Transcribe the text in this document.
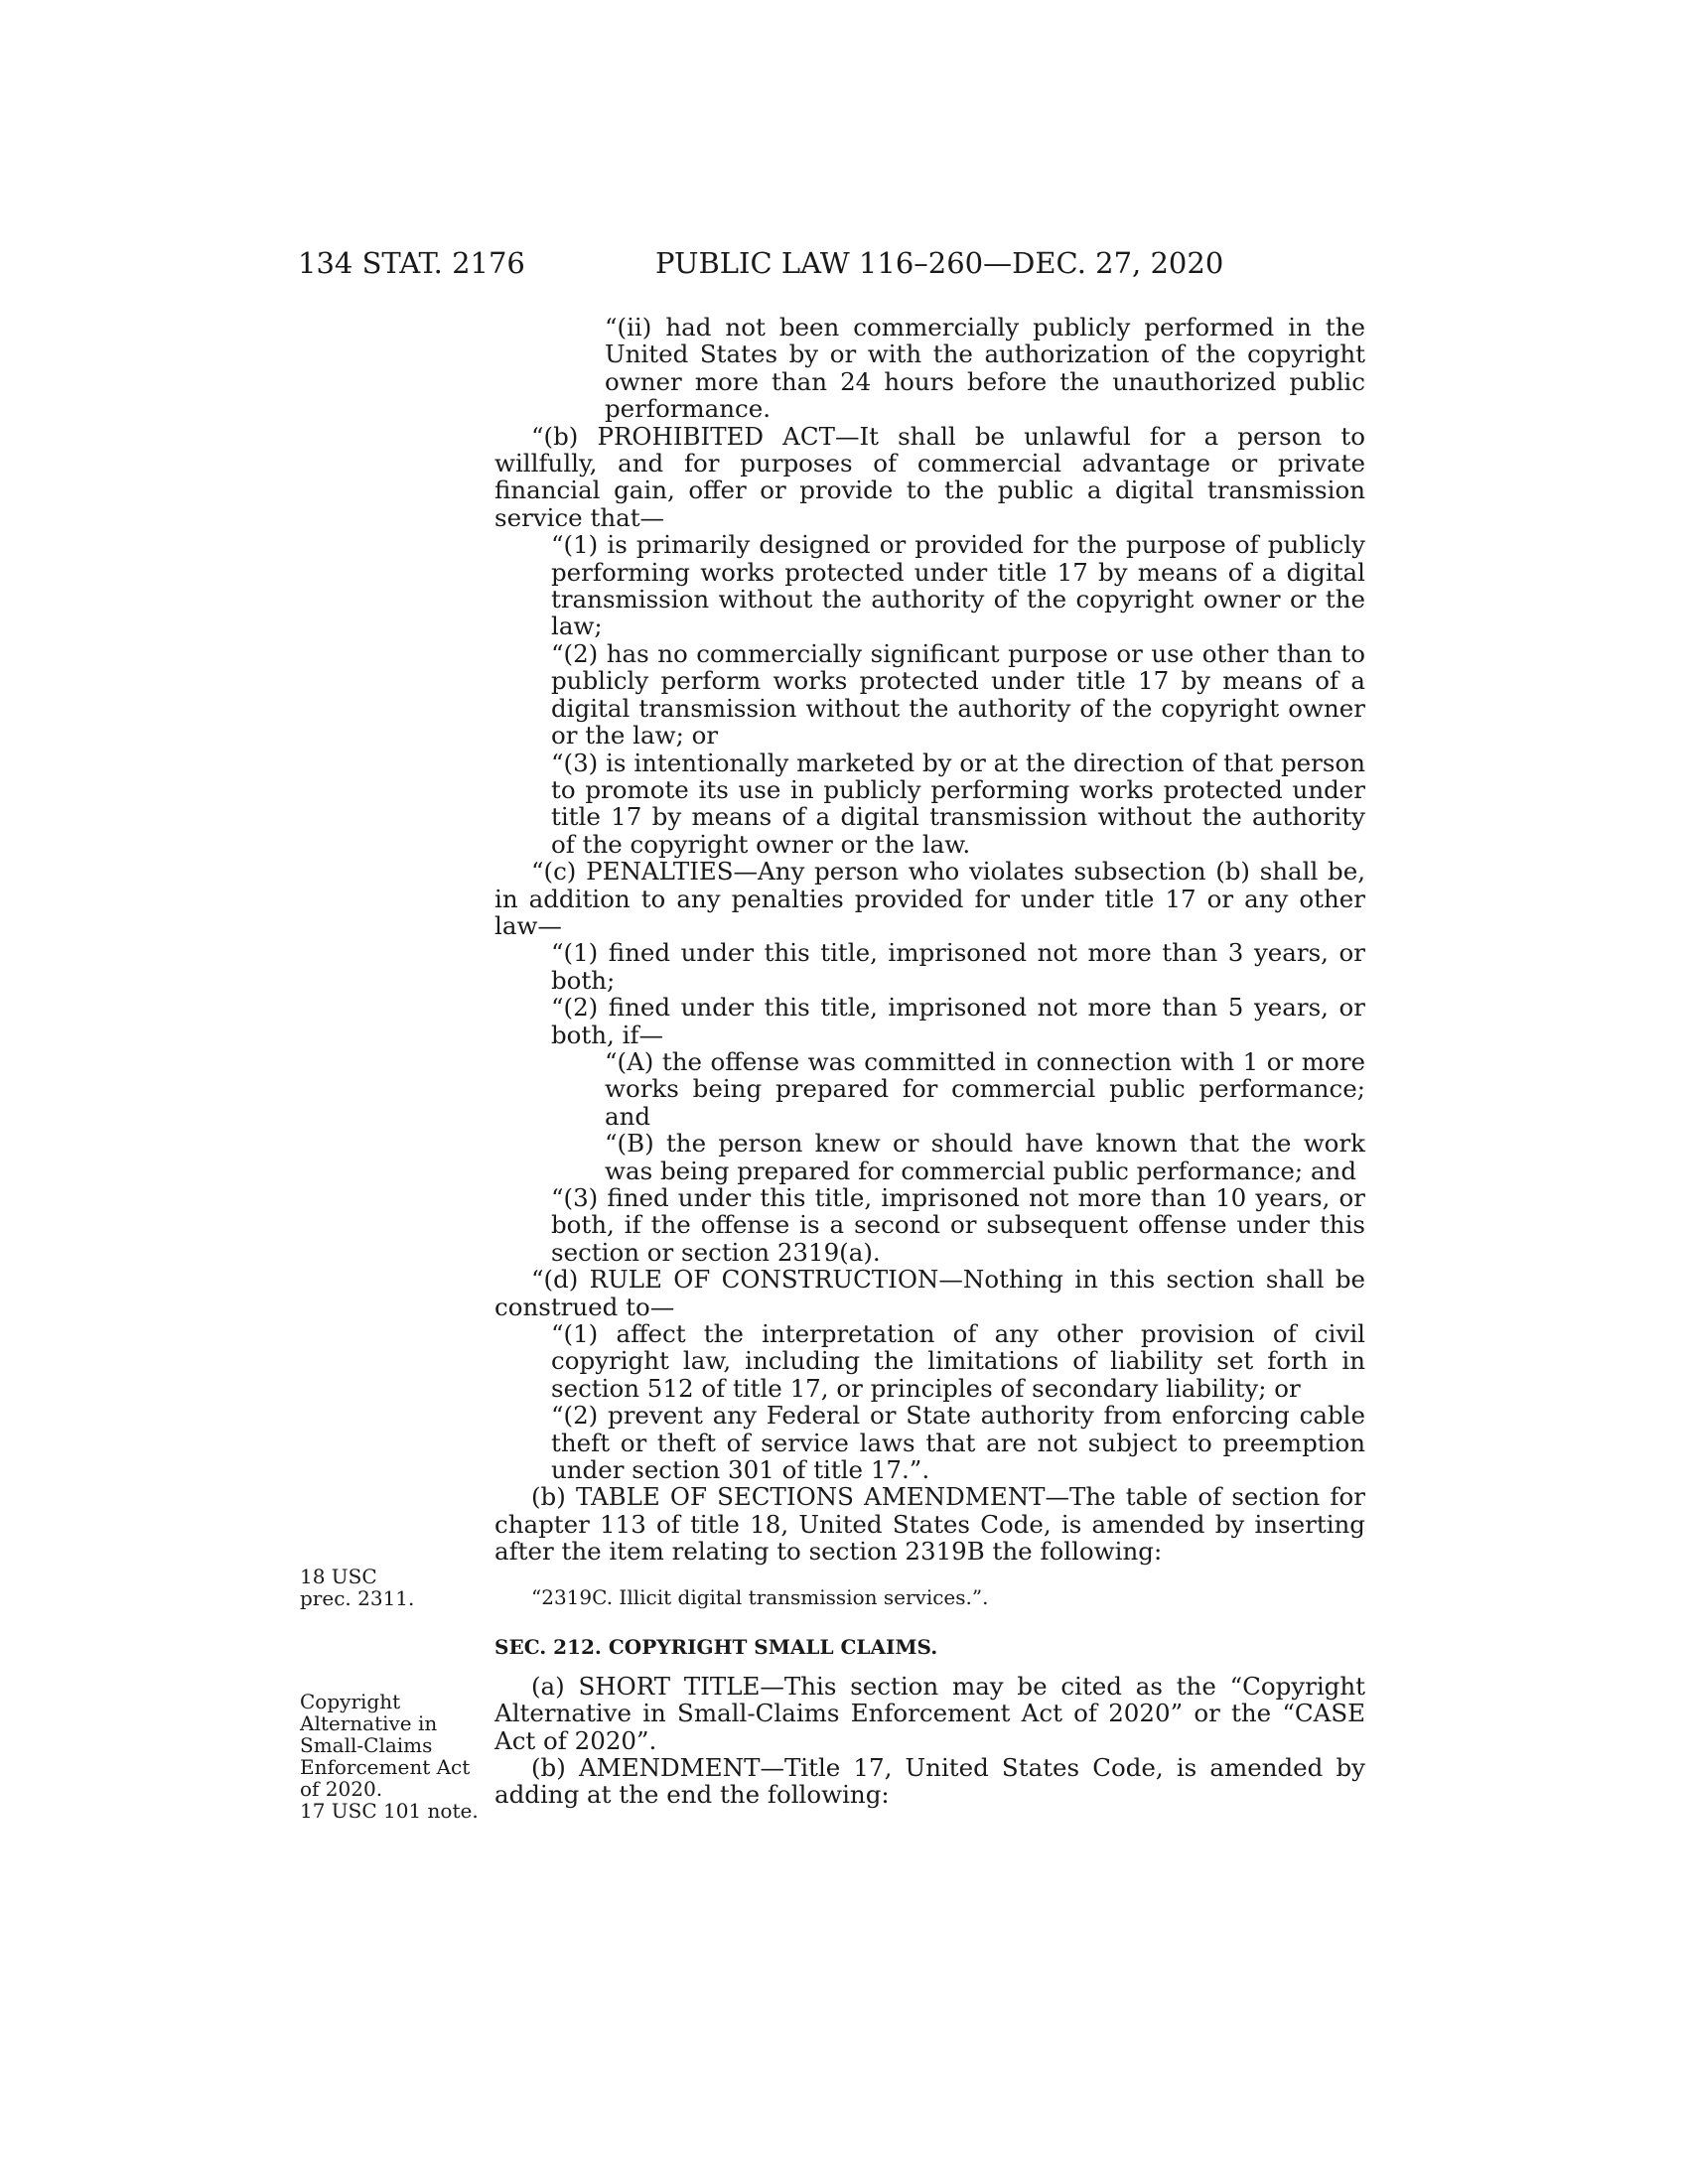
134 STAT. 2176	PUBLIC LAW 116–260—DEC. 27, 2020

“(ii) had not been commercially publicly performed in the United States by or with the authorization of the copyright owner more than 24 hours before the unauthorized public performance.

“(b) PROHIBITED ACT—It shall be unlawful for a person to willfully, and for purposes of commercial advantage or private financial gain, offer or provide to the public a digital transmission service that—

“(1) is primarily designed or provided for the purpose of publicly performing works protected under title 17 by means of a digital transmission without the authority of the copyright owner or the law;

“(2) has no commercially significant purpose or use other than to publicly perform works protected under title 17 by means of a digital transmission without the authority of the copyright owner or the law; or

“(3) is intentionally marketed by or at the direction of that person to promote its use in publicly performing works protected under title 17 by means of a digital transmission without the authority of the copyright owner or the law.

“(c) PENALTIES—Any person who violates subsection (b) shall be, in addition to any penalties provided for under title 17 or any other law—

“(1) fined under this title, imprisoned not more than 3 years, or both;

“(2) fined under this title, imprisoned not more than 5 years, or both, if—

“(A) the offense was committed in connection with 1 or more works being prepared for commercial public performance; and

“(B) the person knew or should have known that the work was being prepared for commercial public performance; and

“(3) fined under this title, imprisoned not more than 10 years, or both, if the offense is a second or subsequent offense under this section or section 2319(a).

“(d) RULE OF CONSTRUCTION—Nothing in this section shall be construed to—

“(1) affect the interpretation of any other provision of civil copyright law, including the limitations of liability set forth in section 512 of title 17, or principles of secondary liability; or

“(2) prevent any Federal or State authority from enforcing cable theft or theft of service laws that are not subject to preemption under section 301 of title 17.”.

(b) TABLE OF SECTIONS AMENDMENT—The table of section for chapter 113 of title 18, United States Code, is amended by inserting after the item relating to section 2319B the following:

“2319C. Illicit digital transmission services.”.

SEC. 212. COPYRIGHT SMALL CLAIMS.

(a) SHORT TITLE—This section may be cited as the “Copyright Alternative in Small-Claims Enforcement Act of 2020” or the “CASE Act of 2020”.

(b) AMENDMENT—Title 17, United States Code, is amended by adding at the end the following:

18 USC
prec. 2311.
Copyright
Alternative in
Small-Claims
Enforcement Act
of 2020.
17 USC 101 note.
